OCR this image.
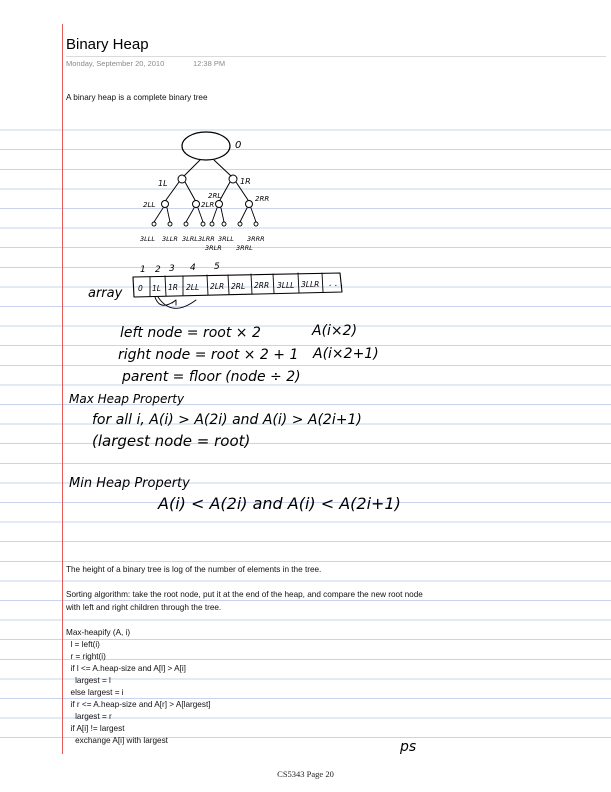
Binary Heap
Monday, September 20, 2010	12:38 PM
A binary heap is a complete binary tree
0
1L	1R
2LL	2LR
2RL	2RR
3LLL 3LLR 3LRL 3LRR 3RLL
3RLR 3RRL
3RRR
1 2 3 4 5
array 0 1L 1R 2LL 2LR 2RL 2RR 3LLL 3LLR . . .
left node = root × 2	A(i×2)
right node = root × 2 + 1 A(i×2+1)
parent = floor (node ÷ 2)
Max Heap Property
for all i, A(i) > A(2i) and A(i) > A(2i+1)
(largest node = root)
Min Heap Property
A(i) < A(2i) and A(i) < A(2i+1)
ps
The height of a binary tree is log of the number of elements in the tree.
Sorting algorithm: take the root node, put it at the end of the heap, and compare the new root node
with left and right children through the tree.
Max-heapify (A, i)
l = left(i)
r = right(i)
if l <= A.heap-size and A[l] > A[i]
largest = l
else largest = i
if r <= A.heap-size and A[r] > A[largest]
largest = r
if A[i] != largest
exchange A[i] with largest
CS5343 Page 20
